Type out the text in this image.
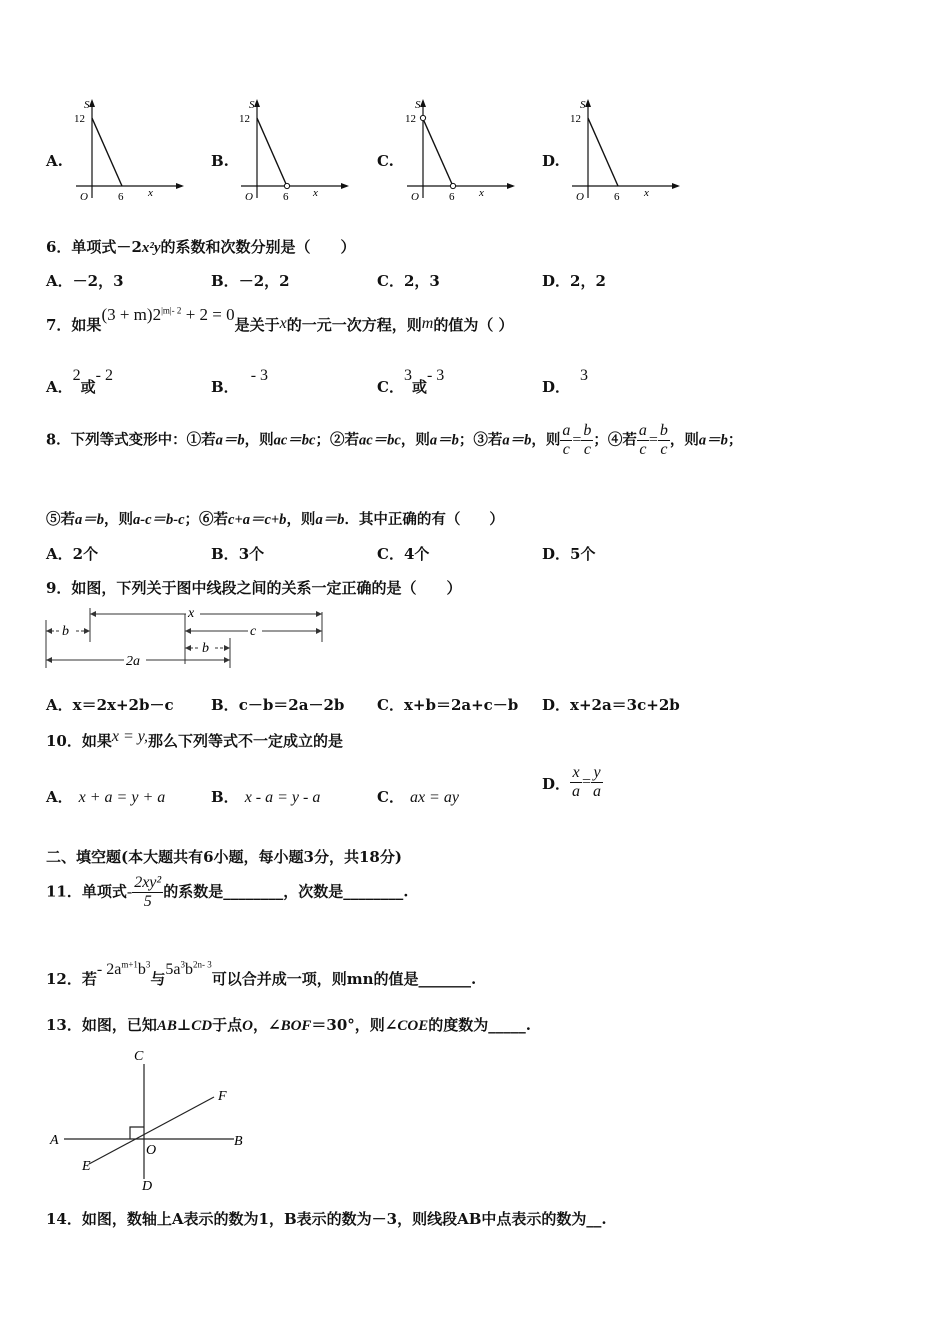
A.
S
12
O	6 x
B.
S
12
O	6 x
C.
S
12
O	6 x
D.
S
12
O	6 x
6．单项式－2x²y的系数和次数分别是（　　）
A．－2，3	B．－2，2	C．2，3	D．2，2
7．如果$(3 + m)2^{|m|- 2} + 2 = 0$是关于x的一元一次方程，则m的值为（ ）
A．2或- 2
B．- 3
C．3或- 3
D．3
8．下列等式变形中：①若a＝b，则ac＝bc；②若ac＝bc，则a＝b；③若a＝b，则 $\frac{a}{c} = \frac{b}{c}$ ；④若 $\frac{a}{c} = \frac{b}{c}$ ，则a＝b；
⑤若a＝b，则a-c＝b-c；⑥若c+a＝c+b，则a＝b．其中正确的有（　　）
A．2个	B．3个	C．4个	D．5个
9．如图，下列关于图中线段之间的关系一定正确的是（　　）
b
x
c
b
2a
A．x＝2x+2b－c B．c－b＝2a－2b C．x+b＝2a+c－b D．x+2a＝3c+2b
10．如果x = y,那么下列等式不一定成立的是
A． x + a = y + a	B． x - a = y - a	C． ax = ay
D． $\frac{x}{a} = \frac{y}{a}$
二、填空题(本大题共有6小题，每小题3分，共18分)
11．单项式- $\frac{\text{2xy²}}{5}$ 的系数是________，次数是________.
12．若- $2a^{m+1}b^3$与$5a^3b^{2n- 3}$可以合并成一项，则mn的值是_______.
13．如图，已知AB⊥CD于点O，∠BOF＝30°，则∠COE的度数为_____.
C
D
A	B
E
F
O
14．如图，数轴上A表示的数为1，B表示的数为－3，则线段AB中点表示的数为__.
